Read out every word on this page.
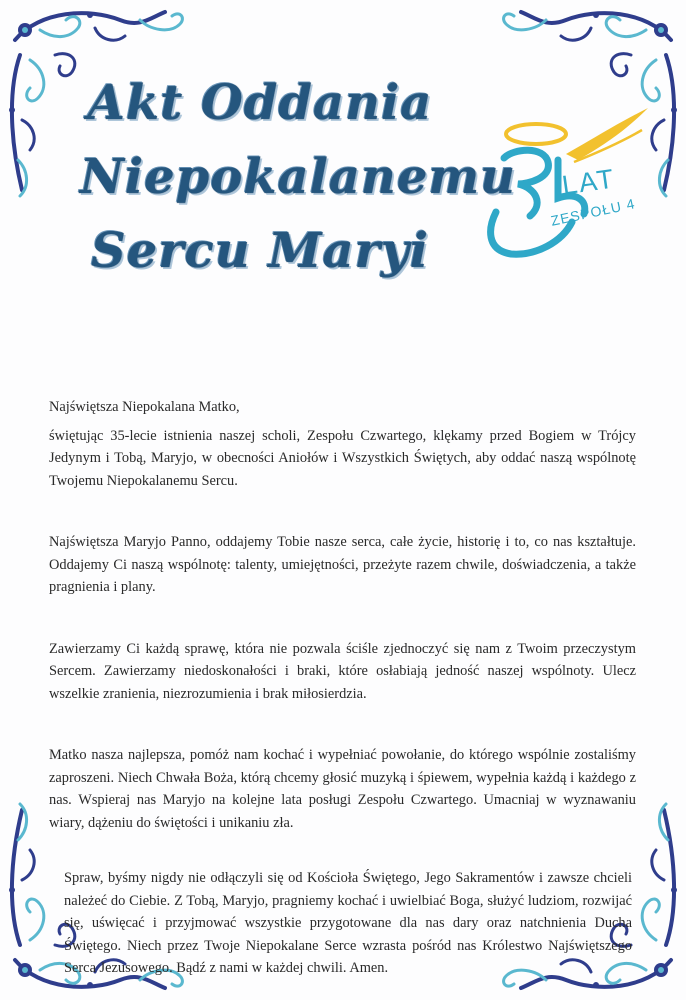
Akt Oddania
Niepokalanemu
Sercu Maryi
LAT
ZESPOŁU 4

Najświętsza Niepokalana Matko,

świętując 35-lecie istnienia naszej scholi, Zespołu Czwartego, klękamy przed Bogiem w Trójcy Jedynym i Tobą, Maryjo, w obecności Aniołów i Wszystkich Świętych, aby oddać naszą wspólnotę Twojemu Niepokalanemu Sercu.

Najświętsza Maryjo Panno, oddajemy Tobie nasze serca, całe życie, historię i to, co nas kształtuje. Oddajemy Ci naszą wspólnotę: talenty, umiejętności, przeżyte razem chwile, doświadczenia, a także pragnienia i plany.

Zawierzamy Ci każdą sprawę, która nie pozwala ściśle zjednoczyć się nam z Twoim przeczystym Sercem. Zawierzamy niedoskonałości i braki, które osłabiają jedność naszej wspólnoty. Ulecz wszelkie zranienia, niezrozumienia i brak miłosierdzia.

Matko nasza najlepsza, pomóż nam kochać i wypełniać powołanie, do którego wspólnie zostaliśmy zaproszeni. Niech Chwała Boża, którą chcemy głosić muzyką i śpiewem, wypełnia każdą i każdego z nas. Wspieraj nas Maryjo na kolejne lata posługi Zespołu Czwartego. Umacniaj w wyznawaniu wiary, dążeniu do świętości i unikaniu zła.

Spraw, byśmy nigdy nie odłączyli się od Kościoła Świętego, Jego Sakramentów i zawsze chcieli należeć do Ciebie. Z Tobą, Maryjo, pragniemy kochać i uwielbiać Boga, służyć ludziom, rozwijać się, uświęcać i przyjmować wszystkie przygotowane dla nas dary oraz natchnienia Ducha Świętego. Niech przez Twoje Niepokalane Serce wzrasta pośród nas Królestwo Najświętszego Serca Jezusowego. Bądź z nami w każdej chwili. Amen.
